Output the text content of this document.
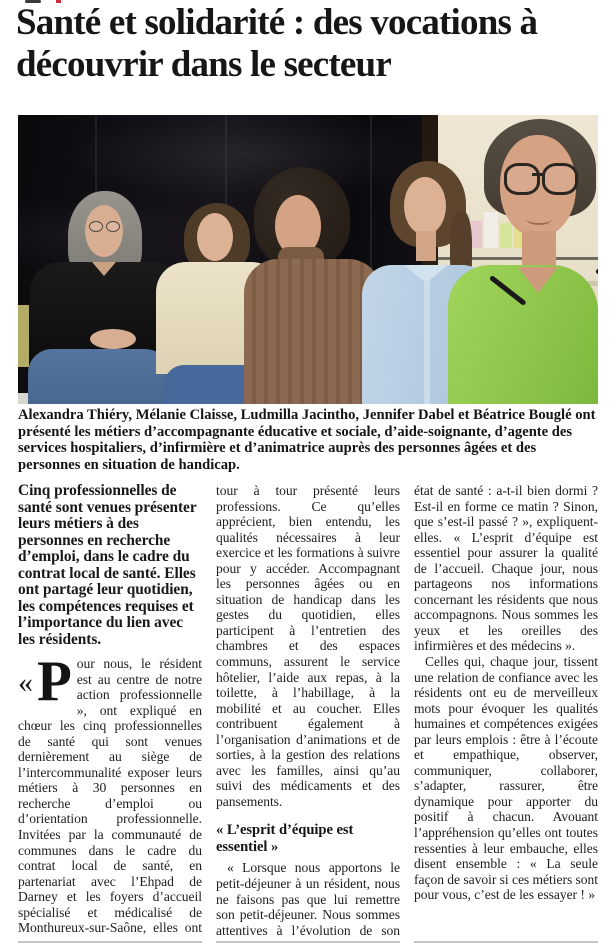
Santé et solidarité : des vocations à découvrir dans le secteur

Alexandra Thiéry, Mélanie Claisse, Ludmilla Jacintho, Jennifer Dabel et Béatrice Bouglé ont présenté les métiers d’accompagnante éducative et sociale, d’aide-soignante, d’agente des services hospitaliers, d’infirmière et d’animatrice auprès des personnes âgées et des personnes en situation de handicap.

Cinq professionnelles de santé sont venues présenter leurs métiers à des personnes en recherche d’emploi, dans le cadre du contrat local de santé. Elles ont partagé leur quotidien, les compétences requises et l’importance du lien avec les résidents.

« P our nous, le résident est au centre de notre action professionnelle », ont expliqué en chœur les cinq professionnelles de santé qui sont venues dernièrement au siège de l’intercommunalité exposer leurs métiers à 30 personnes en recherche d’emploi ou d’orientation professionnelle. Invitées par la communauté de communes dans le cadre du contrat local de santé, en partenariat avec l’Ehpad de Darney et les foyers d’accueil spécialisé et médicalisé de Monthureux-sur-Saône, elles ont tour à tour présenté leurs professions. Ce qu’elles apprécient, bien entendu, les qualités nécessaires à leur exercice et les formations à suivre pour y accéder. Accompagnant les personnes âgées ou en situation de handicap dans les gestes du quotidien, elles participent à l’entretien des chambres et des espaces communs, assurent le service hôtelier, l’aide aux repas, à la toilette, à l’habillage, à la mobilité et au coucher. Elles contribuent également à l’organisation d’animations et de sorties, à la gestion des relations avec les familles, ainsi qu’au suivi des médicaments et des pansements.

« L’esprit d’équipe est essentiel »

« Lorsque nous apportons le petit-déjeuner à un résident, nous ne faisons pas que lui remettre son petit-déjeuner. Nous sommes attentives à l’évolution de son état de santé : a-t-il bien dormi ? Est-il en forme ce matin ? Sinon, que s’est-il passé ? », expliquent-elles. « L’esprit d’équipe est essentiel pour assurer la qualité de l’accueil. Chaque jour, nous partageons nos informations concernant les résidents que nous accompagnons. Nous sommes les yeux et les oreilles des infirmières et des médecins ».

Celles qui, chaque jour, tissent une relation de confiance avec les résidents ont eu de merveilleux mots pour évoquer les qualités humaines et compétences exigées par leurs emplois : être à l’écoute et empathique, observer, communiquer, collaborer, s’adapter, rassurer, être dynamique pour apporter du positif à chacun. Avouant l’appréhension qu’elles ont toutes ressenties à leur embauche, elles disent ensemble : « La seule façon de savoir si ces métiers sont pour vous, c’est de les essayer ! »
